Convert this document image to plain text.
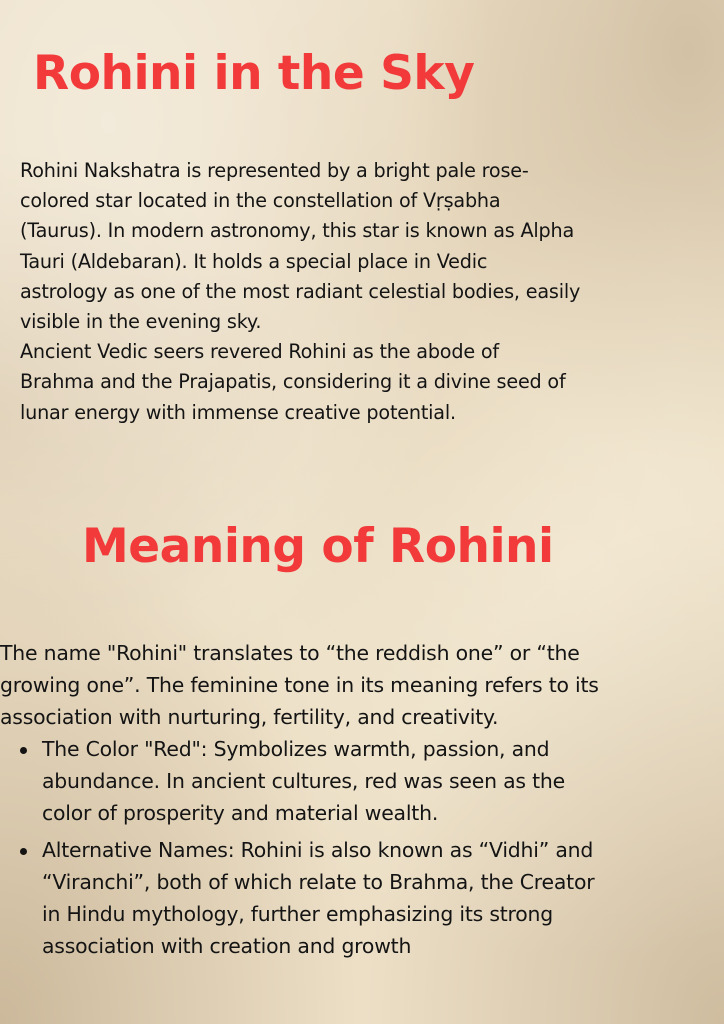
Rohini in the Sky

Rohini Nakshatra is represented by a bright pale rose-
colored star located in the constellation of Vṛṣabha
(Taurus). In modern astronomy, this star is known as Alpha
Tauri (Aldebaran). It holds a special place in Vedic
astrology as one of the most radiant celestial bodies, easily
visible in the evening sky.
Ancient Vedic seers revered Rohini as the abode of
Brahma and the Prajapatis, considering it a divine seed of
lunar energy with immense creative potential.

Meaning of Rohini

The name "Rohini" translates to “the reddish one” or “the
growing one”. The feminine tone in its meaning refers to its
association with nurturing, fertility, and creativity.

The Color "Red": Symbolizes warmth, passion, and
abundance. In ancient cultures, red was seen as the
color of prosperity and material wealth.
Alternative Names: Rohini is also known as “Vidhi” and
“Viranchi”, both of which relate to Brahma, the Creator
in Hindu mythology, further emphasizing its strong
association with creation and growth
